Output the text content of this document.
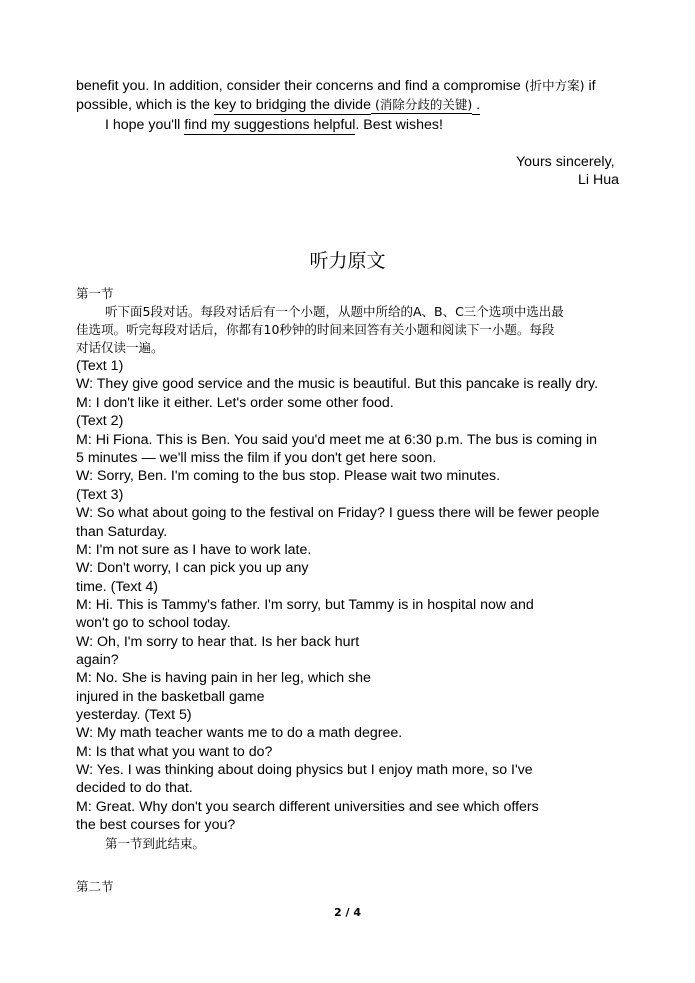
benefit you. In addition, consider their concerns and find a compromise (折中方案) if
possible, which is the key to bridging the divide (消除分歧的关键) .
I hope you'll find my suggestions helpful. Best wishes!
Yours sincerely,
Li Hua
听力原文
第一节
听下面5段对话。每段对话后有一个小题，从题中所给的A、B、C三个选项中选出最
佳选项。听完每段对话后，你都有10秒钟的时间来回答有关小题和阅读下一小题。每段
对话仅读一遍。
(Text 1)
W: They give good service and the music is beautiful. But this pancake is really dry.
M: I don't like it either. Let's order some other food.
(Text 2)
M: Hi Fiona. This is Ben. You said you'd meet me at 6:30 p.m. The bus is coming in
5 minutes — we'll miss the film if you don't get here soon.
W: Sorry, Ben. I'm coming to the bus stop. Please wait two minutes.
(Text 3)
W: So what about going to the festival on Friday? I guess there will be fewer people
than Saturday.
M: I'm not sure as I have to work late.
W: Don't worry, I can pick you up any
time. (Text 4)
M: Hi. This is Tammy's father. I'm sorry, but Tammy is in hospital now and
won't go to school today.
W: Oh, I'm sorry to hear that. Is her back hurt
again?
M: No. She is having pain in her leg, which she
injured in the basketball game
yesterday. (Text 5)
W: My math teacher wants me to do a math degree.
M: Is that what you want to do?
W: Yes. I was thinking about doing physics but I enjoy math more, so I've
decided to do that.
M: Great. Why don't you search different universities and see which offers
the best courses for you?
第一节到此结束。
第二节
2 / 4
